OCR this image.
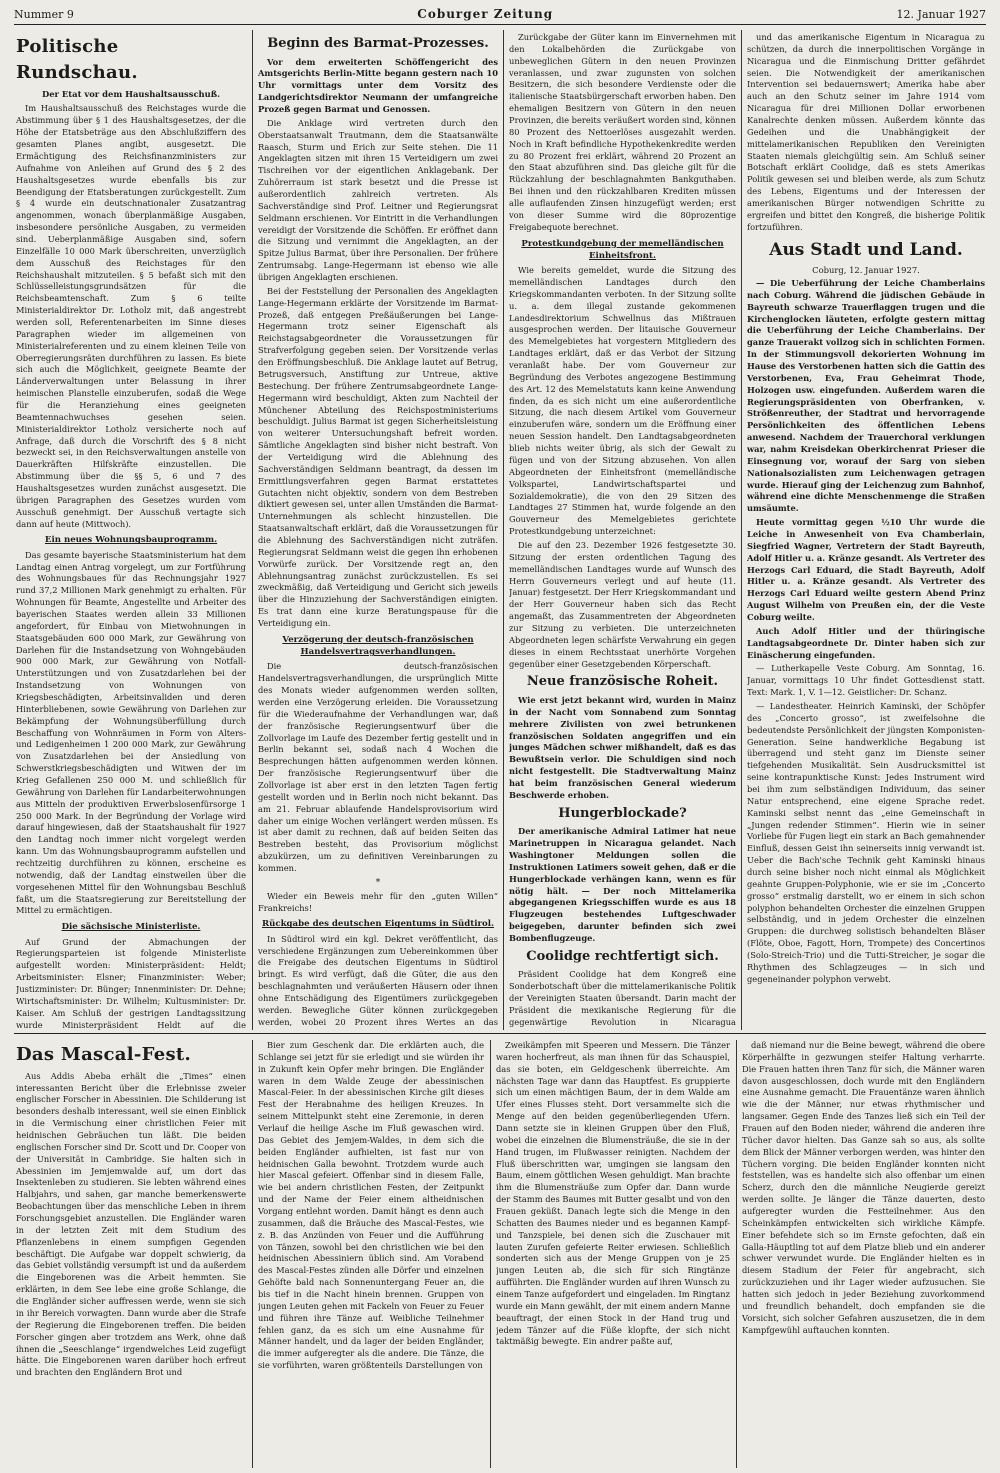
Nummer 9	Coburger Zeitung	12. Januar 1927
Politische Rundschau.
Der Etat vor dem Haushaltsausschuß.

Im Haushaltsausschuß des Reichstages wurde die Abstimmung über § 1 des Haushaltsgesetzes, der die Höhe der Etatsbeträge aus den Abschlußziffern des gesamten Planes angibt, ausgesetzt. Die Ermächtigung des Reichsfinanzministers zur Aufnahme von Anleihen auf Grund des § 2 des Haushaltsgesetzes wurde ebenfalls bis zur Beendigung der Etatsberatungen zurückgestellt. Zum § 4 wurde ein deutschnationaler Zusatzantrag angenommen, wonach überplanmäßige Ausgaben, insbesondere persönliche Ausgaben, zu vermeiden sind. Ueberplanmäßige Ausgaben sind, sofern Einzelfälle 10 000 Mark überschreiten, unverzüglich dem Ausschuß des Reichstages für den Reichshaushalt mitzuteilen. § 5 befaßt sich mit den Schlüsselleistungsgrundsätzen für die Reichsbeamtenschaft. Zum § 6 teilte Ministerialdirektor Dr. Lotholz mit, daß angestrebt werden soll, Referentenarbeiten im Sinne dieses Paragraphen wieder im allgemeinen von Ministerialreferenten und zu einem kleinen Teile von Oberregierungsräten durchführen zu lassen. Es biete sich auch die Möglichkeit, geeignete Beamte der Länderverwaltungen unter Belassung in ihrer heimischen Planstelle einzuberufen, sodaß die Wege für die Heranziehung eines geeigneten Beamtennachwuchses gesehen seien. Ministerialdirektor Lotholz versicherte noch auf Anfrage, daß durch die Vorschrift des § 8 nicht bezweckt sei, in den Reichsverwaltungen anstelle von Dauerkräften Hilfskräfte einzustellen. Die Abstimmung über die §§ 5, 6 und 7 des Haushaltsgesetzes wurden zunächst ausgesetzt. Die übrigen Paragraphen des Gesetzes wurden vom Ausschuß genehmigt. Der Ausschuß vertagte sich dann auf heute (Mittwoch).

Ein neues Wohnungsbauprogramm.

Das gesamte bayerische Staatsministerium hat dem Landtag einen Antrag vorgelegt, um zur Fortführung des Wohnungsbaues für das Rechnungsjahr 1927 rund 37,2 Millionen Mark genehmigt zu erhalten. Für Wohnungen für Beamte, Angestellte und Arbeiter des bayerischen Staates werden allein 33 Millionen angefordert, für Einbau von Mietwohnungen in Staatsgebäuden 600 000 Mark, zur Gewährung von Darlehen für die Instandsetzung von Wohngebäuden 900 000 Mark, zur Gewährung von Notfall-Unterstützungen und von Zusatzdarlehen bei der Instandsetzung von Wohnungen von Kriegsbeschädigten, Arbeitsinvaliden und deren Hinterbliebenen, sowie Gewährung von Darlehen zur Bekämpfung der Wohnungsüberfüllung durch Beschaffung von Wohnräumen in Form von Alters- und Ledigenheimen 1 200 000 Mark, zur Gewährung von Zusatzdarlehen bei der Ansiedlung von Schwerstkriegsbeschädigten und Witwen der im Krieg Gefallenen 250 000 M. und schließlich für Gewährung von Darlehen für Landarbeiterwohnungen aus Mitteln der produktiven Erwerbslosenfürsorge 1 250 000 Mark. In der Begründung der Vorlage wird darauf hingewiesen, daß der Staatshaushalt für 1927 den Landtag noch immer nicht vorgelegt werden kann. Um das Wohnungsbauprogramm aufstellen und rechtzeitig durchführen zu können, erscheine es notwendig, daß der Landtag einstweilen über die vorgesehenen Mittel für den Wohnungsbau Beschluß faßt, um die Staatsregierung zur Bereitstellung der Mittel zu ermächtigen.

Die sächsische Ministerliste.

Auf Grund der Abmachungen der Regierungsparteien ist folgende Ministerliste aufgestellt worden: Ministerpräsident: Heldt; Arbeitsminister: Elsner; Finanzminister: Weber; Justizminister: Dr. Bünger; Innenminister: Dr. Dehne; Wirtschaftsminister: Dr. Wilhelm; Kultusminister: Dr. Kaiser. Am Schluß der gestrigen Landtagssitzung wurde Ministerpräsident Heldt auf die

Beginn des Barmat-Prozesses.

Vor dem erweiterten Schöffengericht des Amtsgerichts Berlin-Mitte begann gestern nach 10 Uhr vormittags unter dem Vorsitz des Landgerichtsdirektor Neumann der umfangreiche Prozeß gegen Barmat und Genossen.

Die Anklage wird vertreten durch den Oberstaatsanwalt Trautmann, dem die Staatsanwälte Raasch, Sturm und Erich zur Seite stehen. Die 11 Angeklagten sitzen mit ihren 15 Verteidigern um zwei Tischreihen vor der eigentlichen Anklagebank. Der Zuhörerraum ist stark besetzt und die Presse ist außerordentlich zahlreich vertreten. Als Sachverständige sind Prof. Leitner und Regierungsrat Seldmann erschienen. Vor Eintritt in die Verhandlungen vereidigt der Vorsitzende die Schöffen. Er eröffnet dann die Sitzung und vernimmt die Angeklagten, an der Spitze Julius Barmat, über ihre Personalien. Der frühere Zentrumsabg. Lange-Hegermann ist ebenso wie alle übrigen Angeklagten erschienen.

Bei der Feststellung der Personalien des Angeklagten Lange-Hegermann erklärte der Vorsitzende im Barmat-Prozeß, daß entgegen Preßäußerungen bei Lange-Hegermann trotz seiner Eigenschaft als Reichstagsabgeordneter die Voraussetzungen für Strafverfolgung gegeben seien. Der Vorsitzende verlas den Eröffnungsbeschluß. Die Anklage lautet auf Betrug, Betrugsversuch, Anstiftung zur Untreue, aktive Bestechung. Der frühere Zentrumsabgeordnete Lange-Hegermann wird beschuldigt, Akten zum Nachteil der Münchener Abteilung des Reichspostministeriums beschuldigt. Julius Barmat ist gegen Sicherheitsleistung von weiterer Untersuchungshaft befreit worden. Sämtliche Angeklagten sind bisher nicht bestraft. Von der Verteidigung wird die Ablehnung des Sachverständigen Seldmann beantragt, da dessen im Ermittlungsverfahren gegen Barmat erstattetes Gutachten nicht objektiv, sondern von dem Bestreben diktiert gewesen sei, unter allen Umständen die Barmat-Unternehmungen als schlecht hinzustellen. Die Staatsanwaltschaft erklärt, daß die Voraussetzungen für die Ablehnung des Sachverständigen nicht zuträfen. Regierungsrat Seldmann weist die gegen ihn erhobenen Vorwürfe zurück. Der Vorsitzende regt an, den Ablehnungsantrag zunächst zurückzustellen. Es sei zweckmäßig, daß Verteidigung und Gericht sich jeweils über die Hinzuziehung der Sachverständigen einigten. Es trat dann eine kurze Beratungspause für die Verteidigung ein.

Verzögerung der deutsch-französischen Handelsvertragsverhandlungen.

Die deutsch-französischen Handelsvertragsverhandlungen, die ursprünglich Mitte des Monats wieder aufgenommen werden sollten, werden eine Verzögerung erleiden. Die Voraussetzung für die Wiederaufnahme der Verhandlungen war, daß der französische Regierungsentwurf über die Zollvorlage im Laufe des Dezember fertig gestellt und in Berlin bekannt sei, sodaß nach 4 Wochen die Besprechungen hätten aufgenommen werden können. Der französische Regierungsentwurf über die Zollvorlage ist aber erst in den letzten Tagen fertig gestellt worden und in Berlin noch nicht bekannt. Das am 21. Februar ablaufende Handelsprovisorium wird daher um einige Wochen verlängert werden müssen. Es ist aber damit zu rechnen, daß auf beiden Seiten das Bestreben besteht, das Provisorium möglichst abzukürzen, um zu definitiven Vereinbarungen zu kommen.

*

Wieder ein Beweis mehr für den „guten Willen“ Frankreichs!

Rückgabe des deutschen Eigentums in Südtirol.

In Südtirol wird ein kgl. Dekret veröffentlicht, das verschiedene Ergänzungen zum Uebereinkommen über die Freigabe des deutschen Eigentums in Südtirol bringt. Es wird verfügt, daß die Güter, die aus den beschlagnahmten und veräußerten Häusern oder ihnen ohne Entschädigung des Eigentümers zurückgegeben werden. Bewegliche Güter können zurückgegeben werden, wobei 20 Prozent ihres Wertes an das

Zurückgabe der Güter kann im Einvernehmen mit den Lokalbehörden die Zurückgabe von unbeweglichen Gütern in den neuen Provinzen veranlassen, und zwar zugunsten von solchen Besitzern, die sich besondere Verdienste oder die italienische Staatsbürgerschaft erworben haben. Den ehemaligen Besitzern von Gütern in den neuen Provinzen, die bereits veräußert worden sind, können 80 Prozent des Nettoerlöses ausgezahlt werden. Noch in Kraft befindliche Hypothekenkredite werden zu 80 Prozent frei erklärt, während 20 Prozent an den Staat abzuführen sind. Das gleiche gilt für die Rückzahlung der beschlagnahmten Bankguthaben. Bei ihnen und den rückzahlbaren Krediten müssen alle auflaufenden Zinsen hinzugefügt werden; erst von dieser Summe wird die 80prozentige Freigabequote berechnet.

Protestkundgebung der memelländischen Einheitsfront.

Wie bereits gemeldet, wurde die Sitzung des memelländischen Landtages durch den Kriegskommandanten verboten. In der Sitzung sollte u. a. dem illegal zustande gekommenen Landesdirektorium Schwellnus das Mißtrauen ausgesprochen werden. Der litauische Gouverneur des Memelgebietes hat vorgestern Mitgliedern des Landtages erklärt, daß er das Verbot der Sitzung veranlaßt habe. Der vom Gouverneur zur Begründung des Verbotes angezogene Bestimmung des Art. 12 des Memelstatuts kann keine Anwendung finden, da es sich nicht um eine außerordentliche Sitzung, die nach diesem Artikel vom Gouverneur einzuberufen wäre, sondern um die Eröffnung einer neuen Session handelt. Den Landtagsabgeordneten blieb nichts weiter übrig, als sich der Gewalt zu fügen und von der Sitzung abzusehen. Von allen Abgeordneten der Einheitsfront (memelländische Volkspartei, Landwirtschaftspartei und Sozialdemokratie), die von den 29 Sitzen des Landtages 27 Stimmen hat, wurde folgende an den Gouverneur des Memelgebietes gerichtete Protestkundgebung unterzeichnet:

Die auf den 23. Dezember 1926 festgesetzte 30. Sitzung der ersten ordentlichen Tagung des memelländischen Landtages wurde auf Wunsch des Herrn Gouverneurs verlegt und auf heute (11. Januar) festgesetzt. Der Herr Kriegskommandant und der Herr Gouverneur haben sich das Recht angemaßt, das Zusammentreten der Abgeordneten zur Sitzung zu verbieten. Die unterzeichneten Abgeordneten legen schärfste Verwahrung ein gegen dieses in einem Rechtsstaat unerhörte Vorgehen gegenüber einer Gesetzgebenden Körperschaft.

Neue französische Roheit.

Wie erst jetzt bekannt wird, wurden in Mainz in der Nacht vom Sonnabend zum Sonntag mehrere Zivilisten von zwei betrunkenen französischen Soldaten angegriffen und ein junges Mädchen schwer mißhandelt, daß es das Bewußtsein verlor. Die Schuldigen sind noch nicht festgestellt. Die Stadtverwaltung Mainz hat beim französischen General wiederum Beschwerde erhoben.

Hungerblockade?

Der amerikanische Admiral Latimer hat neue Marinetruppen in Nicaragua gelandet. Nach Washingtoner Meldungen sollen die Instruktionen Latimers soweit gehen, daß er die Hungerblockade verhängen kann, wenn es für nötig hält. — Der noch Mittelamerika abgegangenen Kriegsschiffen wurde es aus 18 Flugzeugen bestehendes Luftgeschwader beigegeben, darunter befinden sich zwei Bombenflugzeuge.

Coolidge rechtfertigt sich.

Präsident Coolidge hat dem Kongreß eine Sonderbotschaft über die mittelamerikanische Politik der Vereinigten Staaten übersandt. Darin macht der Präsident die mexikanische Regierung für die gegenwärtige Revolution in Nicaragua

und das amerikanische Eigentum in Nicaragua zu schützen, da durch die innerpolitischen Vorgänge in Nicaragua und die Einmischung Dritter gefährdet seien. Die Notwendigkeit der amerikanischen Intervention sei bedauernswert; Amerika habe aber auch an den Schutz seiner im Jahre 1914 vom Nicaragua für drei Millionen Dollar erworbenen Kanalrechte denken müssen. Außerdem könnte das Gedeihen und die Unabhängigkeit der mittelamerikanischen Republiken den Vereinigten Staaten niemals gleichgültig sein. Am Schluß seiner Botschaft erklärt Coolidge, daß es stets Amerikas Politik gewesen sei und bleiben werde, als zum Schutz des Lebens, Eigentums und der Interessen der amerikanischen Bürger notwendigen Schritte zu ergreifen und bittet den Kongreß, die bisherige Politik fortzuführen.

Aus Stadt und Land.
Coburg, 12. Januar 1927.

— Die Ueberführung der Leiche Chamberlains nach Coburg. Während die jüdischen Gebäude in Bayreuth schwarze Trauerflaggen trugen und die Kirchenglocken läuteten, erfolgte gestern mittag die Ueberführung der Leiche Chamberlains. Der ganze Trauerakt vollzog sich in schlichten Formen. In der Stimmungsvoll dekorierten Wohnung im Hause des Verstorbenen hatten sich die Gattin des Verstorbenen, Eva, Frau Geheimrat Thode, Holzogen usw. eingefunden. Außerdem waren die Regierungspräsidenten von Oberfranken, v. Strößenreuther, der Stadtrat und hervorragende Persönlichkeiten des öffentlichen Lebens anwesend. Nachdem der Trauerchoral verklungen war, nahm Kreisdekan Oberkirchenrat Prieser die Einsegnung vor, worauf der Sarg von sieben Nationalsozialisten zum Leichenwagen getragen wurde. Hierauf ging der Leichenzug zum Bahnhof, während eine dichte Menschenmenge die Straßen umsäumte.

Heute vormittag gegen ½10 Uhr wurde die Leiche in Anwesenheit von Eva Chamberlain, Siegfried Wagner, Vertretern der Stadt Bayreuth, Adolf Hitler u. a. Kränze gesandt. Als Vertreter des Herzogs Carl Eduard, die Stadt Bayreuth, Adolf Hitler u. a. Kränze gesandt. Als Vertreter des Herzogs Carl Eduard weilte gestern Abend Prinz August Wilhelm von Preußen ein, der die Veste Coburg weilte.

Auch Adolf Hitler und der thüringische Landtagsabgeordnete Dr. Dinter haben sich zur Einäscherung eingefunden.

— Lutherkapelle Veste Coburg. Am Sonntag, 16. Januar, vormittags 10 Uhr findet Gottesdienst statt. Text: Mark. 1, V. 1—12. Geistlicher: Dr. Schanz.

— Landestheater. Heinrich Kaminski, der Schöpfer des „Concerto grosso“, ist zweifelsohne die bedeutendste Persönlichkeit der jüngsten Komponisten-Generation. Seine handwerkliche Begabung ist überragend und steht ganz im Dienste seiner tiefgehenden Musikalität. Sein Ausdrucksmittel ist seine kontrapunktische Kunst: Jedes Instrument wird bei ihm zum selbständigen Individuum, das seiner Natur entsprechend, eine eigene Sprache redet. Kaminski selbst nennt das „eine Gemeinschaft in „Jungen redender Stimmen“. Hierin wie in seiner Vorliebe für Fugen liegt ein stark an Bach gemahnender Einfluß, dessen Geist ihn seinerseits innig verwandt ist. Ueber die Bach'sche Technik geht Kaminski hinaus durch seine bisher noch nicht einmal als Möglichkeit geahnte Gruppen-Polyphonie, wie er sie im „Concerto grosso“ erstmalig darstellt, wo er einem in sich schon polyphon behandelten Orchester die einzelnen Gruppen selbständig, und in jedem Orchester die einzelnen Gruppen: die durchweg solistisch behandelten Bläser (Flöte, Oboe, Fagott, Horn, Trompete) des Concertinos (Solo-Streich-Trio) und die Tutti-Streicher, je sogar die Rhythmen des Schlagzeuges — in sich und gegeneinander polyphon verwebt.

Das Mascal-Fest.

Aus Addis Abeba erhält die „Times“ einen interessanten Bericht über die Erlebnisse zweier englischer Forscher in Abessinien. Die Schilderung ist besonders deshalb interessant, weil sie einen Einblick in die Vermischung einer christlichen Feier mit heidnischen Gebräuchen tun läßt. Die beiden englischen Forscher sind Dr. Scott und Dr. Cooper von der Universität in Cambridge. Sie halten sich in Abessinien im Jemjemwalde auf, um dort das Insektenleben zu studieren. Sie lebten während eines Halbjahrs, und sahen, gar manche bemerkenswerte Beobachtungen über das menschliche Leben in ihrem Forschungsgebiet anzustellen. Die Engländer waren in der letzten Zeit mit dem Studium des Pflanzenlebens in einem sumpfigen Gegenden beschäftigt. Die Aufgabe war doppelt schwierig, da das Gebiet vollständig versumpft ist und da außerdem die Eingeborenen was die Arbeit hemmten. Sie erklärten, in dem See lebe eine große Schlange, die die Engländer sicher auffressen werde, wenn sie sich in ihr Bereich vorwagten. Dann wurde aber die Strafe der Regierung die Eingeborenen treffen. Die beiden Forscher gingen aber trotzdem ans Werk, ohne daß ihnen die „Seeschlange“ irgendwelches Leid zugefügt hätte. Die Eingeborenen waren darüber hoch erfreut und brachten den Engländern Brot und

Bier zum Geschenk dar. Die erklärten auch, die Schlange sei jetzt für sie erledigt und sie würden ihr in Zukunft kein Opfer mehr bringen. Die Engländer waren in dem Walde Zeuge der abessinischen Mascal-Feier. In der abessinischen Kirche gilt dieses Fest der Herabnahme des heiligen Kreuzes. In seinem Mittelpunkt steht eine Zeremonie, in deren Verlauf die heilige Asche im Fluß gewaschen wird. Das Gebiet des Jemjem-Waldes, in dem sich die beiden Engländer aufhielten, ist fast nur von heidnischen Galla bewohnt. Trotzdem wurde auch hier Mascal gefeiert. Offenbar sind in diesem Falle, wie bei andern christlichen Festen, der Zeitpunkt und der Name der Feier einem altheidnischen Vorgang entlehnt worden. Damit hängt es denn auch zusammen, daß die Bräuche des Mascal-Festes, wie z. B. das Anzünden von Feuer und die Aufführung von Tänzen, sowohl bei den christlichen wie bei den heidnischen Abessiniern üblich sind. Am Vorabend des Mascal-Festes zünden alle Dörfer und einzelnen Gehöfte bald nach Sonnenuntergang Feuer an, die bis tief in die Nacht hinein brennen. Gruppen von jungen Leuten gehen mit Fackeln von Feuer zu Feuer und führen ihre Tänze auf. Weibliche Teilnehmer fehlen ganz, da es sich um eine Ausnahme für Männer handelt, und da lager der beiden Engländer, die immer aufgeregter als die andere. Die Tänze, die sie vorführten, waren größtenteils Darstellungen von

Zweikämpfen mit Speeren und Messern. Die Tänzer waren hocherfreut, als man ihnen für das Schauspiel, das sie boten, ein Geldgeschenk überreichte. Am nächsten Tage war dann das Hauptfest. Es gruppierte sich um einen mächtigen Baum, der in dem Walde am Ufer eines Flusses steht. Dort versammelte sich die Menge auf den beiden gegenüberliegenden Ufern. Dann setzte sie in kleinen Gruppen über den Fluß, wobei die einzelnen die Blumensträuße, die sie in der Hand trugen, im Flußwasser reinigten. Nachdem der Fluß überschritten war, umgingen sie langsam den Baum, einem göttlichen Wesen gehuldigt. Man brachte ihm die Blumensträuße zum Opfer dar. Dann wurde der Stamm des Baumes mit Butter gesalbt und von den Frauen geküßt. Danach legte sich die Menge in den Schatten des Baumes nieder und es begannen Kampf- und Tanzspiele, bei denen sich die Zuschauer mit lauten Zurufen gefeierte Reiter erwiesen. Schließlich sonderten sich aus der Menge Gruppen von je 25 jungen Leuten ab, die sich für sich Ringtänze aufführten. Die Engländer wurden auf ihren Wunsch zu einem Tanze aufgefordert und eingeladen. Im Ringtanz wurde ein Mann gewählt, der mit einem andern Manne beauftragt, der einen Stock in der Hand trug und jedem Tänzer auf die Füße klopfte, der sich nicht taktmäßig bewegte. Ein andrer paßte auf,

daß niemand nur die Beine bewegt, während die obere Körperhälfte in gezwungen steifer Haltung verharrte. Die Frauen hatten ihren Tanz für sich, die Männer waren davon ausgeschlossen, doch wurde mit den Engländern eine Ausnahme gemacht. Die Frauentänze waren ähnlich wie die der Männer, nur etwas rhythmischer und langsamer. Gegen Ende des Tanzes ließ sich ein Teil der Frauen auf den Boden nieder, während die anderen ihre Tücher davor hielten. Das Ganze sah so aus, als sollte dem Blick der Männer verborgen werden, was hinter den Tüchern vorging. Die beiden Engländer konnten nicht feststellen, was es handelte sich also offenbar um einen Scherz, durch den die männliche Neugierde gereizt werden sollte. Je länger die Tänze dauerten, desto aufgeregter wurden die Festteilnehmer. Aus den Scheinkämpfen entwickelten sich wirkliche Kämpfe. Einer befehdete sich so im Ernste gefochten, daß ein Galla-Häuptling tot auf dem Platze blieb und ein anderer schwer verwundet wurde. Die Engländer hielten es in diesem Stadium der Feier für angebracht, sich zurückzuziehen und ihr Lager wieder aufzusuchen. Sie hatten sich jedoch in jeder Beziehung zuvorkommend und freundlich behandelt, doch empfanden sie die Vorsicht, sich solcher Gefahren auszusetzen, die in dem Kampfgewühl auftauchen konnten.
